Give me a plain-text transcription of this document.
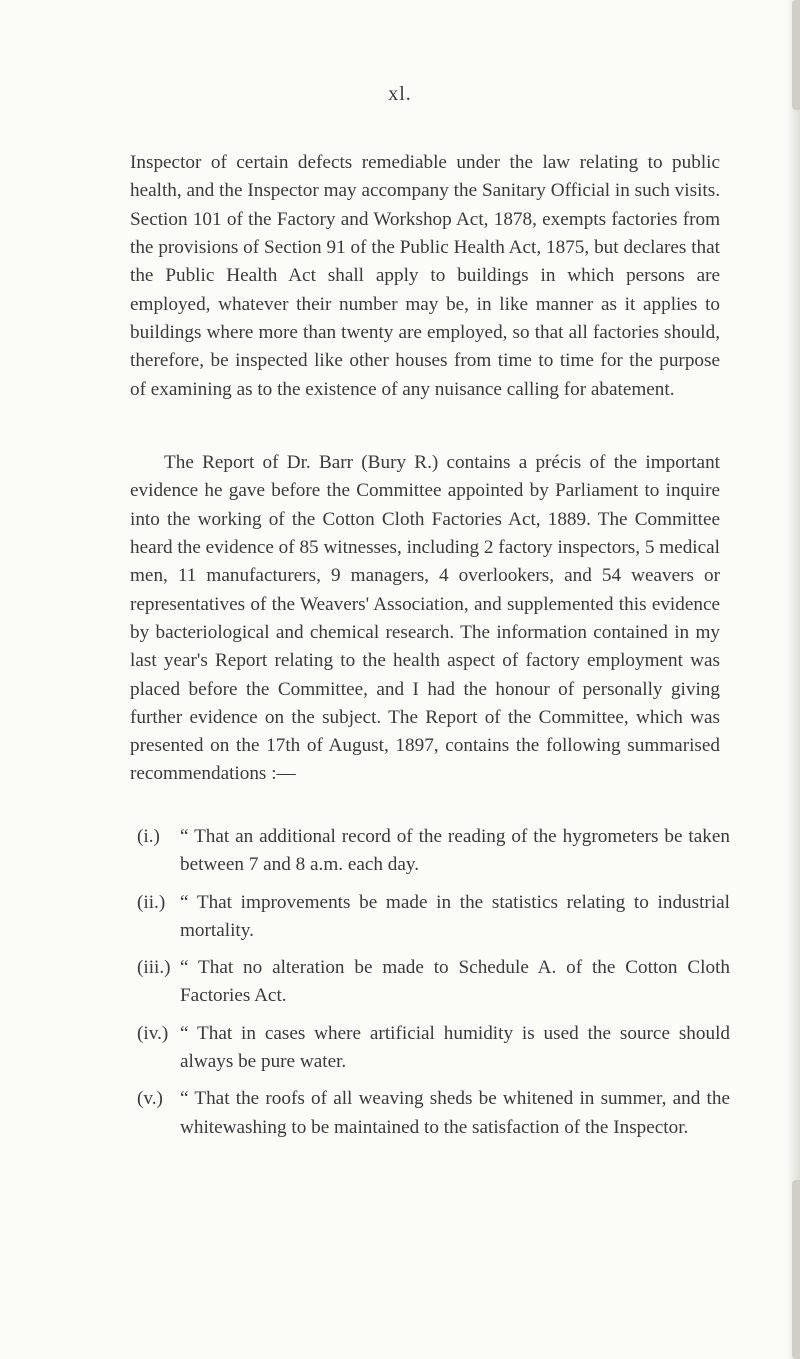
xl.

Inspector of certain defects remediable under the law relating to public health, and the Inspector may accompany the Sanitary Official in such visits. Section 101 of the Factory and Workshop Act, 1878, exempts factories from the provisions of Section 91 of the Public Health Act, 1875, but declares that the Public Health Act shall apply to buildings in which persons are employed, whatever their number may be, in like manner as it applies to buildings where more than twenty are employed, so that all factories should, therefore, be inspected like other houses from time to time for the purpose of examining as to the existence of any nuisance calling for abatement.

The Report of Dr. Barr (Bury R.) contains a précis of the important evidence he gave before the Committee appointed by Parliament to inquire into the working of the Cotton Cloth Factories Act, 1889. The Committee heard the evidence of 85 witnesses, including 2 factory inspectors, 5 medical men, 11 manufacturers, 9 managers, 4 overlookers, and 54 weavers or representatives of the Weavers' Association, and supplemented this evidence by bacteriological and chemical research. The information contained in my last year's Report relating to the health aspect of factory employment was placed before the Committee, and I had the honour of personally giving further evidence on the subject. The Report of the Committee, which was presented on the 17th of August, 1897, contains the following summarised recommendations :—

(i.) “ That an additional record of the reading of the hygrometers be taken between 7 and 8 a.m. each day.
(ii.) “ That improvements be made in the statistics relating to industrial mortality.
(iii.) “ That no alteration be made to Schedule A. of the Cotton Cloth Factories Act.
(iv.) “ That in cases where artificial humidity is used the source should always be pure water.
(v.) “ That the roofs of all weaving sheds be whitened in summer, and the whitewashing to be maintained to the satisfaction of the Inspector.
